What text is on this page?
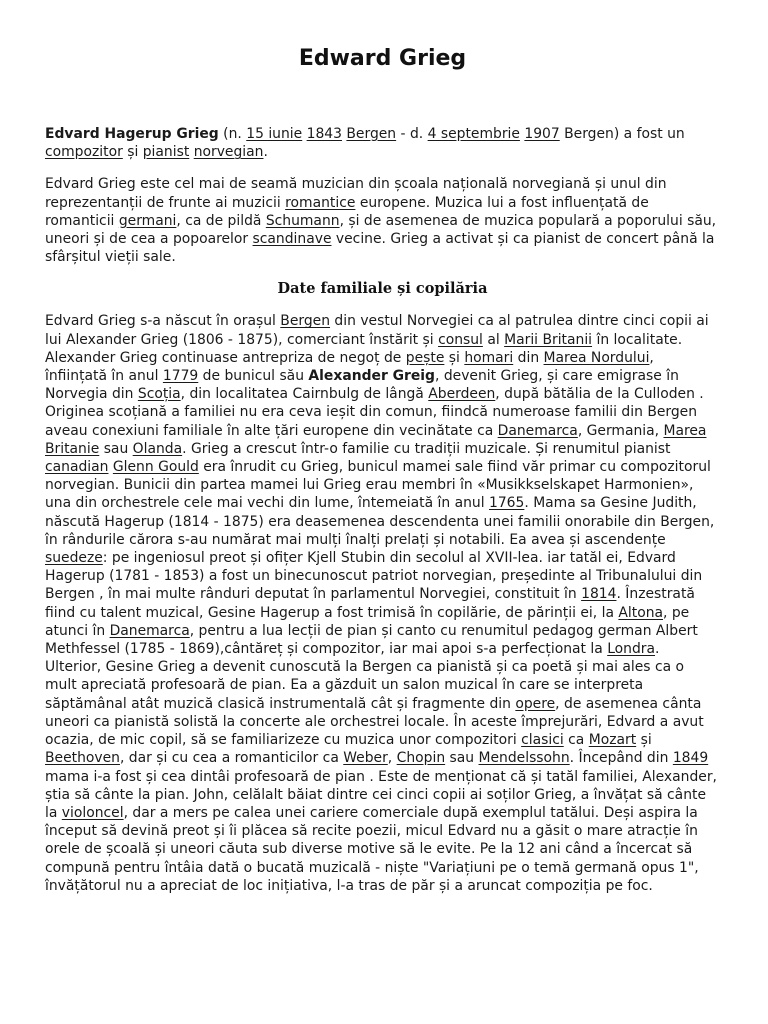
Edward Grieg

Edvard Hagerup Grieg (n. 15 iunie 1843 Bergen - d. 4 septembrie 1907 Bergen) a fost un compozitor și pianist norvegian.

Edvard Grieg este cel mai de seamă muzician din școala națională norvegiană și unul din reprezentanții de frunte ai muzicii romantice europene. Muzica lui a fost influențată de romanticii germani, ca de pildă Schumann, și de asemenea de muzica populară a poporului său, uneori și de cea a popoarelor scandinave vecine. Grieg a activat și ca pianist de concert până la sfârșitul vieții sale.

Date familiale și copilăria

Edvard Grieg s-a născut în orașul Bergen din vestul Norvegiei ca al patrulea dintre cinci copii ai lui Alexander Grieg (1806 - 1875), comerciant înstărit și consul al Marii Britanii în localitate. Alexander Grieg continuase antrepriza de negoț de pește și homari din Marea Nordului, înființată în anul 1779 de bunicul său Alexander Greig, devenit Grieg, și care emigrase în Norvegia din Scoția, din localitatea Cairnbulg de lângă Aberdeen, după bătălia de la Culloden . Originea scoțiană a familiei nu era ceva ieșit din comun, fiindcă numeroase familii din Bergen aveau conexiuni familiale în alte țări europene din vecinătate ca Danemarca, Germania, Marea Britanie sau Olanda. Grieg a crescut într-o familie cu tradiții muzicale. Și renumitul pianist canadian Glenn Gould era înrudit cu Grieg, bunicul mamei sale fiind văr primar cu compozitorul norvegian. Bunicii din partea mamei lui Grieg erau membri în «Musikkselskapet Harmonien», una din orchestrele cele mai vechi din lume, întemeiată în anul 1765. Mama sa Gesine Judith, născută Hagerup (1814 - 1875) era deasemenea descendenta unei familii onorabile din Bergen, în rândurile cărora s-au numărat mai mulți înalți prelați și notabili. Ea avea și ascendențe suedeze: pe ingeniosul preot și ofițer Kjell Stubin din secolul al XVII-lea. iar tatăl ei, Edvard Hagerup (1781 - 1853) a fost un binecunoscut patriot norvegian, președinte al Tribunalului din Bergen , în mai multe rânduri deputat în parlamentul Norvegiei, constituit în 1814. Înzestrată fiind cu talent muzical, Gesine Hagerup a fost trimisă în copilărie, de părinții ei, la Altona, pe atunci în Danemarca, pentru a lua lecții de pian și canto cu renumitul pedagog german Albert Methfessel (1785 - 1869),cântăreț și compozitor, iar mai apoi s-a perfecționat la Londra. Ulterior, Gesine Grieg a devenit cunoscută la Bergen ca pianistă și ca poetă și mai ales ca o mult apreciată profesoară de pian. Ea a găzduit un salon muzical în care se interpreta săptămânal atât muzică clasică instrumentală cât și fragmente din opere, de asemenea cânta uneori ca pianistă solistă la concerte ale orchestrei locale. În aceste împrejurări, Edvard a avut ocazia, de mic copil, să se familiarizeze cu muzica unor compozitori clasici ca Mozart și Beethoven, dar și cu cea a romanticilor ca Weber, Chopin sau Mendelssohn. Începând din 1849 mama i-a fost și cea dintâi profesoară de pian . Este de menționat că și tatăl familiei, Alexander, știa să cânte la pian. John, celălalt băiat dintre cei cinci copii ai soților Grieg, a învățat să cânte la violoncel, dar a mers pe calea unei cariere comerciale după exemplul tatălui. Deși aspira la început să devină preot și îi plăcea să recite poezii, micul Edvard nu a găsit o mare atracție în orele de școală și uneori căuta sub diverse motive să le evite. Pe la 12 ani când a încercat să compună pentru întâia dată o bucată muzicală - niște "Variațiuni pe o temă germană opus 1", învățătorul nu a apreciat de loc inițiativa, l-a tras de păr și a aruncat compoziția pe foc.
